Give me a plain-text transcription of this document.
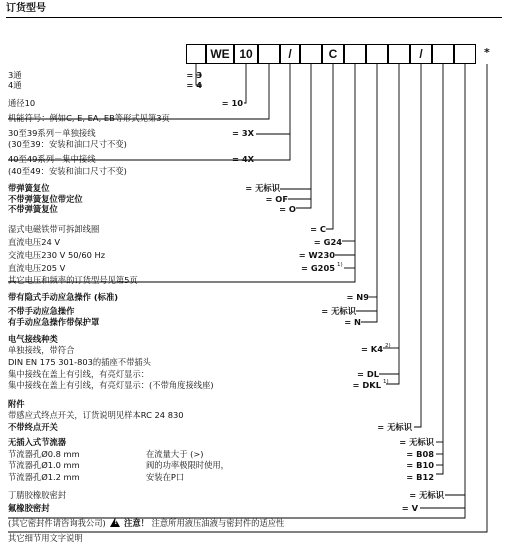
订货型号
WE 10	/	C	/	*
3通	= 3
4通	= 4
通径10	= 10
机能符号：例如C, E, EA, EB等形式见第3页
30至39系列－单独接线	= 3X
(30至39：安装和油口尺寸不变)
40至49系列－集中接线	= 4X
(40至49：安装和油口尺寸不变)
带弹簧复位	= 无标识
不带弹簧复位带定位	= OF
不带弹簧复位	= O
湿式电磁铁带可拆卸线圈	= C
直流电压24 V	= G24
交流电压230 V 50/60 Hz	= W230
直流电压205 V	= G205 1)
其它电压和频率的订货型号见第5页
带有隐式手动应急操作 (标准)	= N9
不带手动应急操作	= 无标识
有手动应急操作带保护罩	= N
电气接线种类
单独接线，带符合	= K4 2)
DIN EN 175 301-803的插座不带插头
集中接线在盖上有引线，有亮灯显示：	= DL
集中接线在盖上有引线，有亮灯显示：(不带角度接线座)	= DKL 1)
附件
带感应式终点开关，订货说明见样本RC 24 830
不带终点开关	= 无标识
无插入式节流器	= 无标识
节流器孔Ø0.8 mm	在流量大于 (>)	= B08
节流器孔Ø1.0 mm	阀的功率极限时使用，	= B10
节流器孔Ø1.2 mm	安装在P口	= B12
丁腈胶橡胶密封	= 无标识
氟橡胶密封	= V
(其它密封件请咨询我公司) ! 注意！ 注意所用液压油液与密封件的适应性
其它细节用文字说明
